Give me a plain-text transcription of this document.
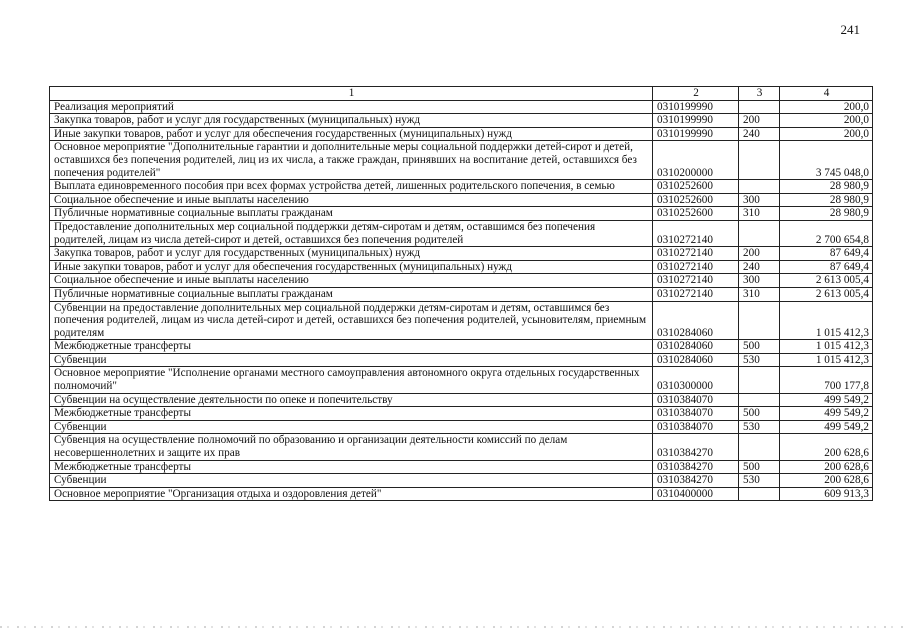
241
1	2	3	4
Реализация мероприятий	0310199990		200,0
Закупка товаров, работ и услуг для государственных (муниципальных) нужд	0310199990	200	200,0
Иные закупки товаров, работ и услуг для обеспечения государственных (муниципальных) нужд	0310199990	240	200,0
Основное мероприятие "Дополнительные гарантии и дополнительные меры социальной поддержки детей-сирот и детей, оставшихся без попечения родителей, лиц из их числа, а также граждан, принявших на воспитание детей, оставшихся без попечения родителей"	0310200000		3 745 048,0
Выплата единовременного пособия при всех формах устройства детей, лишенных родительского попечения, в семью	0310252600		28 980,9
Социальное обеспечение и иные выплаты населению	0310252600	300	28 980,9
Публичные нормативные социальные выплаты гражданам	0310252600	310	28 980,9
Предоставление дополнительных мер социальной поддержки детям-сиротам и детям, оставшимся без попечения родителей, лицам из числа детей-сирот и детей, оставшихся без попечения родителей	0310272140		2 700 654,8
Закупка товаров, работ и услуг для государственных (муниципальных) нужд	0310272140	200	87 649,4
Иные закупки товаров, работ и услуг для обеспечения государственных (муниципальных) нужд	0310272140	240	87 649,4
Социальное обеспечение и иные выплаты населению	0310272140	300	2 613 005,4
Публичные нормативные социальные выплаты гражданам	0310272140	310	2 613 005,4
Субвенции на предоставление дополнительных мер социальной поддержки детям-сиротам и детям, оставшимся без попечения родителей, лицам из числа детей-сирот и детей, оставшихся без попечения родителей, усыновителям, приемным родителям	0310284060		1 015 412,3
Межбюджетные трансферты	0310284060	500	1 015 412,3
Субвенции	0310284060	530	1 015 412,3
Основное мероприятие "Исполнение органами местного самоуправления автономного округа отдельных государственных полномочий"	0310300000		700 177,8
Субвенции на осуществление деятельности по опеке и попечительству	0310384070		499 549,2
Межбюджетные трансферты	0310384070	500	499 549,2
Субвенции	0310384070	530	499 549,2
Субвенция на осуществление полномочий по образованию и организации деятельности комиссий по делам несовершеннолетних и защите их прав	0310384270		200 628,6
Межбюджетные трансферты	0310384270	500	200 628,6
Субвенции	0310384270	530	200 628,6
Основное мероприятие "Организация отдыха и оздоровления детей"	0310400000		609 913,3
